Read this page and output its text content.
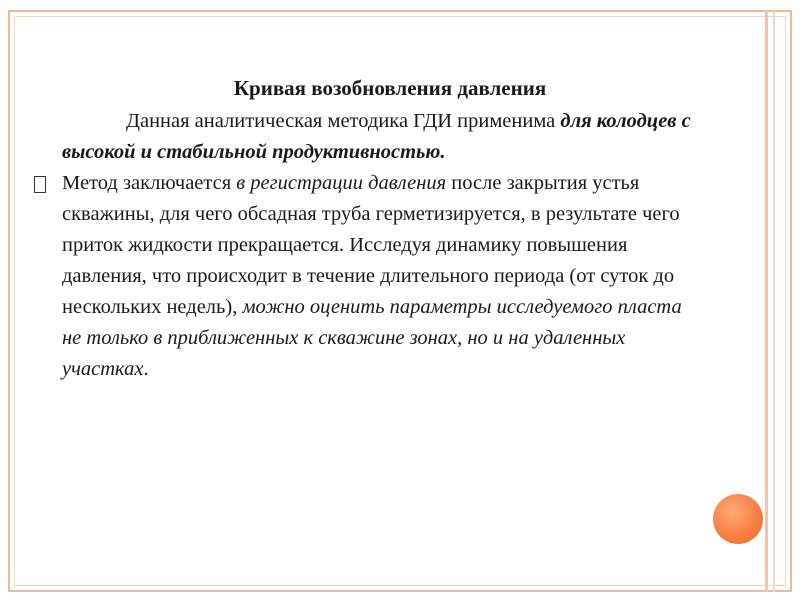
Кривая возобновления давления

Данная аналитическая методика ГДИ применима для колодцев с высокой и стабильной продуктивностью.

Метод заключается в регистрации давления после закрытия устья скважины, для чего обсадная труба герметизируется, в результате чего приток жидкости прекращается. Исследуя динамику повышения давления, что происходит в течение длительного периода (от суток до нескольких недель), можно оценить параметры исследуемого пласта не только в приближенных к скважине зонах, но и на удаленных участках.
